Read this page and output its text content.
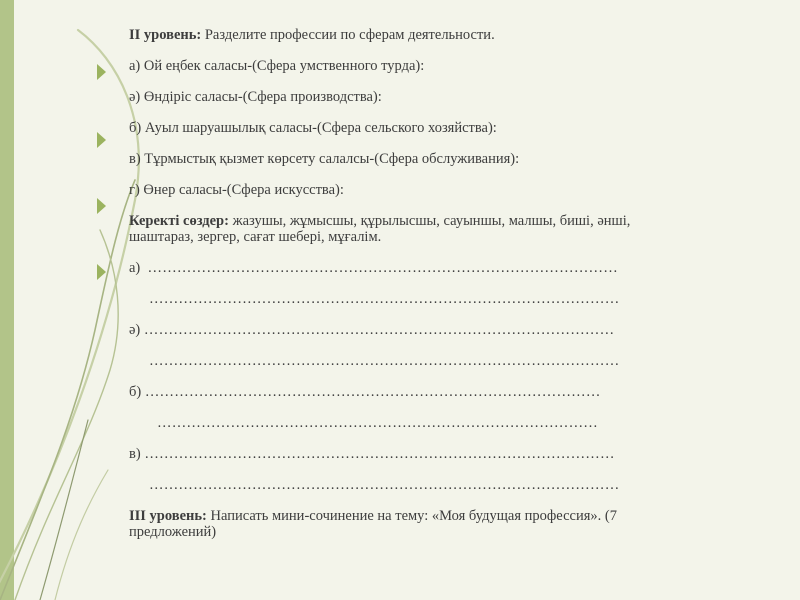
II уровень: Разделите профессии по сферам деятельности.
а) Ой еңбек саласы-(Сфера умственного турда):
ә) Өндіріс саласы-(Сфера производства):
б) Ауыл шаруашылық саласы-(Сфера сельского хозяйства):
в) Тұрмыстық қызмет көрсету салалсы-(Сфера обслуживания):
г) Өнер саласы-(Сфера искусства):
Керекті сөздер: жазушы, жұмысшы, құрылысшы, сауыншы, малшы, биші, әнші,
шаштараз, зергер, сағат шебері, мұғалім.
а) ……………………………………………………………………………………
……………………………………………………………………………………
ә) ……………………………………………………………………………………
……………………………………………………………………………………
б) …………………………………………………………………………………
………………………………………………………………………………
в) ……………………………………………………………………………………
……………………………………………………………………………………
III уровень: Написать мини-сочинение на тему: «Моя будущая профессия». (7
предложений)
